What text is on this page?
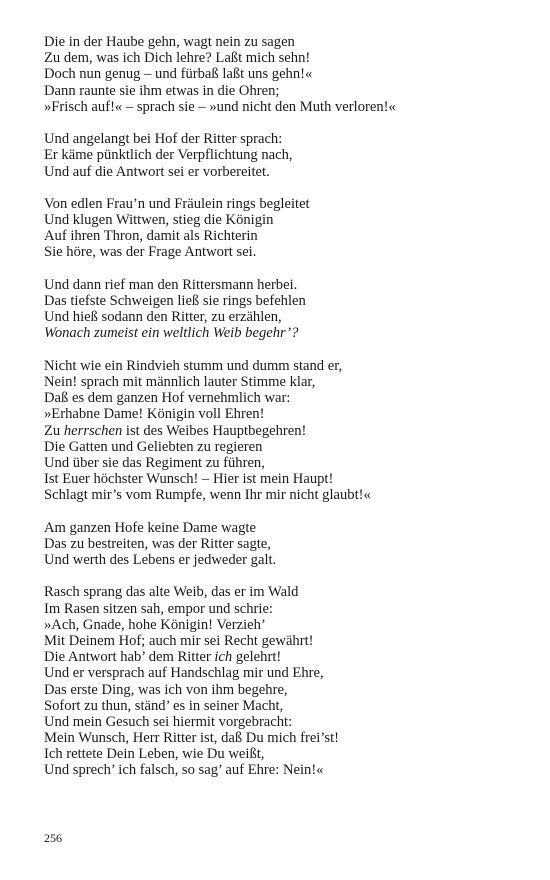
Die in der Haube gehn, wagt nein zu sagen
Zu dem, was ich Dich lehre? Laßt mich sehn!
Doch nun genug – und fürbaß laßt uns gehn!«
Dann raunte sie ihm etwas in die Ohren;
»Frisch auf!« – sprach sie – »und nicht den Muth verloren!«
Und angelangt bei Hof der Ritter sprach:
Er käme pünktlich der Verpflichtung nach,
Und auf die Antwort sei er vorbereitet.
Von edlen Frau’n und Fräulein rings begleitet
Und klugen Wittwen, stieg die Königin
Auf ihren Thron, damit als Richterin
Sie höre, was der Frage Antwort sei.
Und dann rief man den Rittersmann herbei.
Das tiefste Schweigen ließ sie rings befehlen
Und hieß sodann den Ritter, zu erzählen,
Wonach zumeist ein weltlich Weib begehr’?
Nicht wie ein Rindvieh stumm und dumm stand er,
Nein! sprach mit männlich lauter Stimme klar,
Daß es dem ganzen Hof vernehmlich war:
»Erhabne Dame! Königin voll Ehren!
Zu herrschen ist des Weibes Hauptbegehren!
Die Gatten und Geliebten zu regieren
Und über sie das Regiment zu führen,
Ist Euer höchster Wunsch! – Hier ist mein Haupt!
Schlagt mir’s vom Rumpfe, wenn Ihr mir nicht glaubt!«
Am ganzen Hofe keine Dame wagte
Das zu bestreiten, was der Ritter sagte,
Und werth des Lebens er jedweder galt.
Rasch sprang das alte Weib, das er im Wald
Im Rasen sitzen sah, empor und schrie:
»Ach, Gnade, hohe Königin! Verzieh’
Mit Deinem Hof; auch mir sei Recht gewährt!
Die Antwort hab’ dem Ritter ich gelehrt!
Und er versprach auf Handschlag mir und Ehre,
Das erste Ding, was ich von ihm begehre,
Sofort zu thun, ständ’ es in seiner Macht,
Und mein Gesuch sei hiermit vorgebracht:
Mein Wunsch, Herr Ritter ist, daß Du mich frei’st!
Ich rettete Dein Leben, wie Du weißt,
Und sprech’ ich falsch, so sag’ auf Ehre: Nein!«
256
